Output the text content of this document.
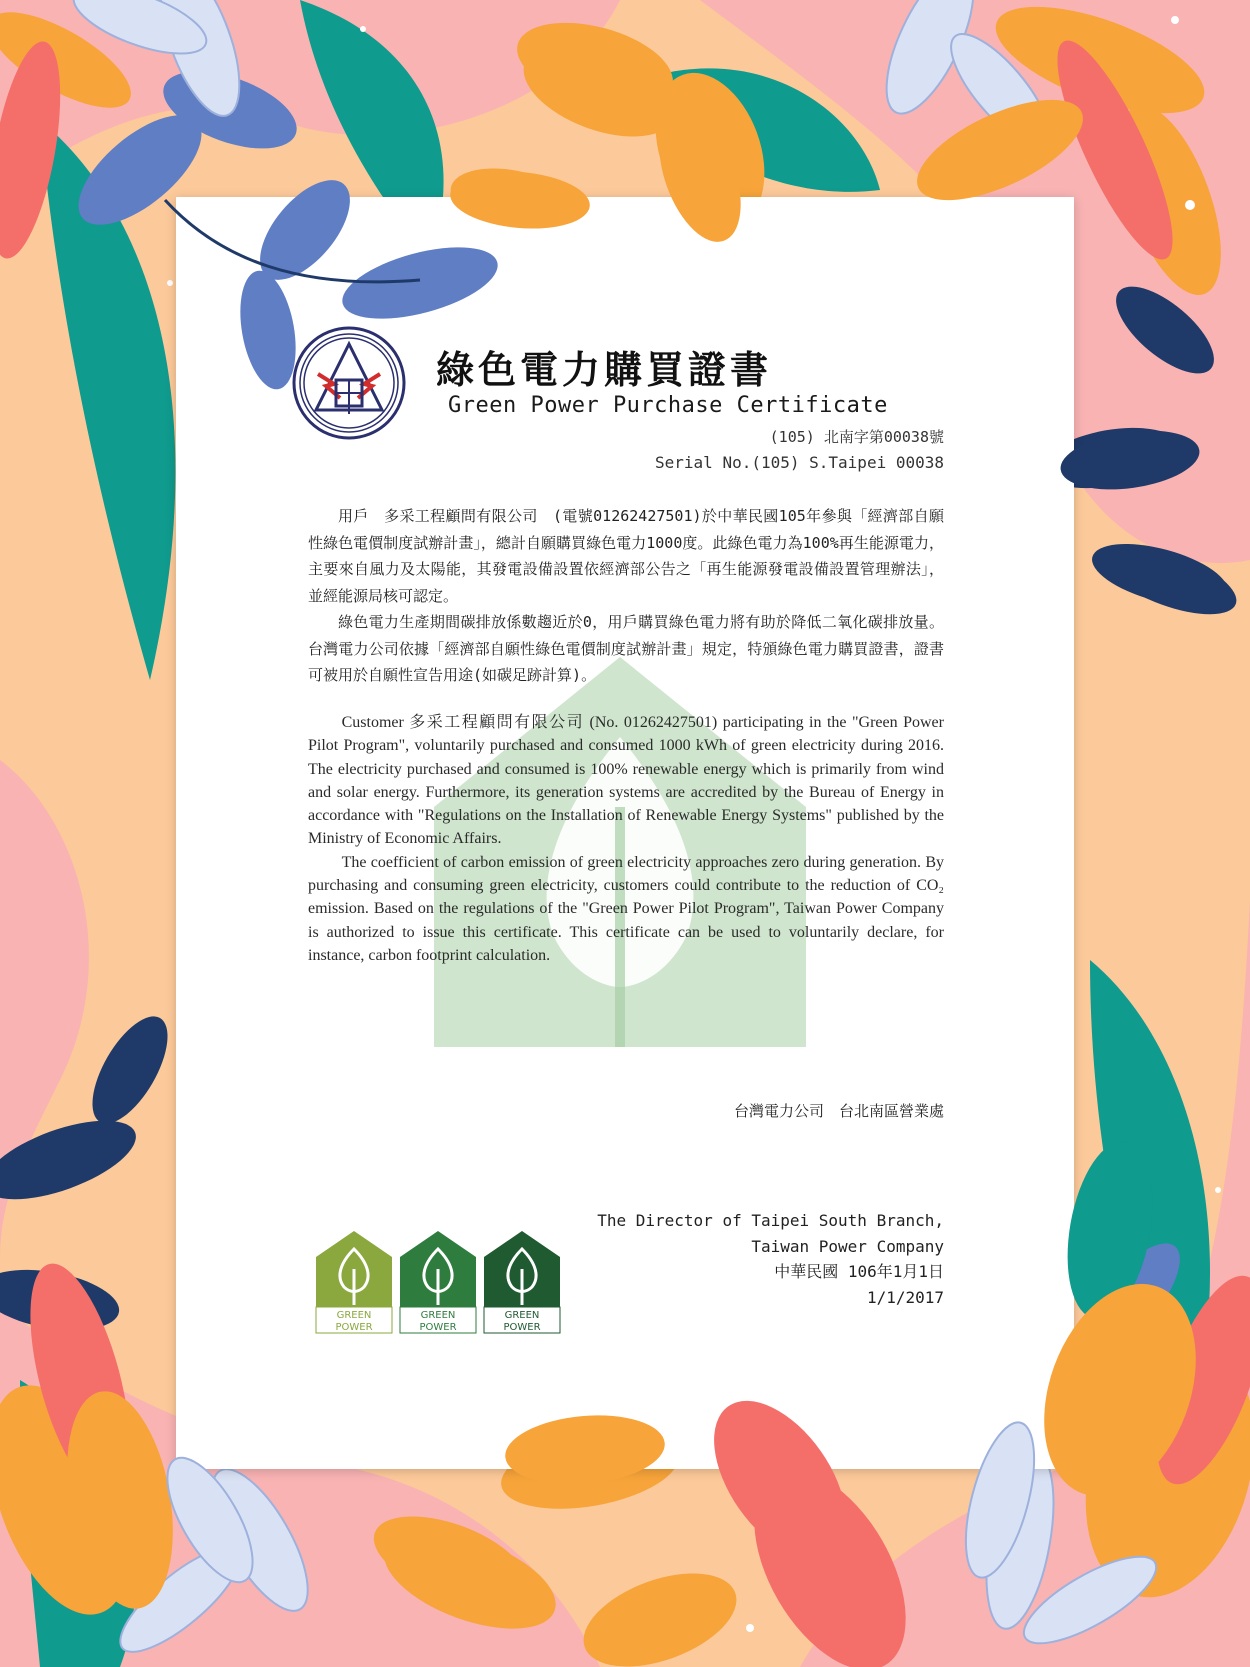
綠色電力購買證書
Green Power Purchase Certificate
(105) 北南字第00038號
Serial No.(105) S.Taipei 00038

用戶　多采工程顧問有限公司　(電號01262427501)於中華民國105年參與「經濟部自願性綠色電價制度試辦計畫」，總計自願購買綠色電力1000度。此綠色電力為100%再生能源電力，主要來自風力及太陽能，其發電設備設置依經濟部公告之「再生能源發電設備設置管理辦法」，並經能源局核可認定。

綠色電力生產期間碳排放係數趨近於0，用戶購買綠色電力將有助於降低二氧化碳排放量。台灣電力公司依據「經濟部自願性綠色電價制度試辦計畫」規定，特頒綠色電力購買證書，證書可被用於自願性宣告用途(如碳足跡計算)。

Customer 多采工程顧問有限公司 (No. 01262427501) participating in the "Green Power Pilot Program", voluntarily purchased and consumed 1000 kWh of green electricity during 2016. The electricity purchased and consumed is 100% renewable energy which is primarily from wind and solar energy. Furthermore, its generation systems are accredited by the Bureau of Energy in accordance with "Regulations on the Installation of Renewable Energy Systems" published by the Ministry of Economic Affairs.

The coefficient of carbon emission of green electricity approaches zero during generation. By purchasing and consuming green electricity, customers could contribute to the reduction of CO₂ emission. Based on the regulations of the "Green Power Pilot Program", Taiwan Power Company is authorized to issue this certificate. This certificate can be used to voluntarily declare, for instance, carbon footprint calculation.

台灣電力公司　台北南區營業處
The Director of Taipei South Branch,
Taiwan Power Company
中華民國 106年1月1日
1/1/2017
GREEN
POWER
GREEN
POWER
GREEN
POWER
